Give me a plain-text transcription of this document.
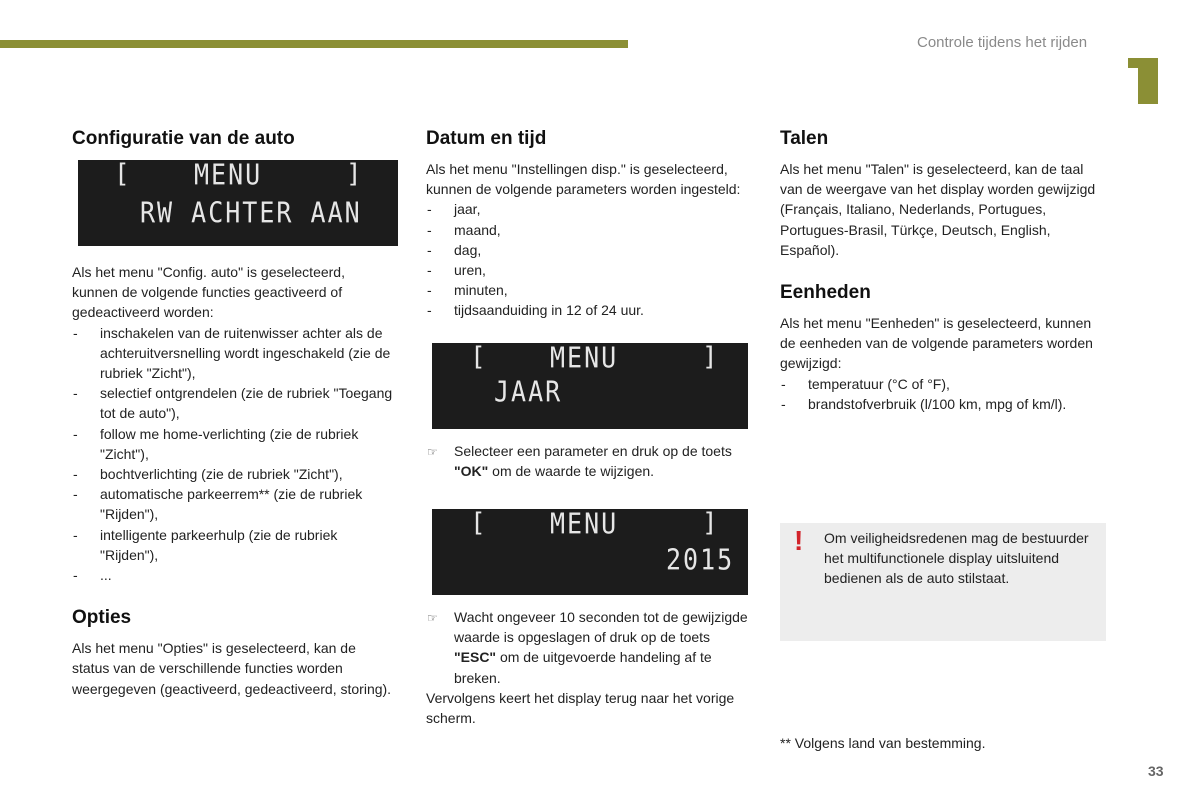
Controle tijdens het rijden
Configuratie van de auto
[	MENU	]
RW ACHTER AAN

Als het menu "Config. auto" is geselecteerd, kunnen de volgende functies geactiveerd of gedeactiveerd worden:

- inschakelen van de ruitenwisser achter als de achteruitversnelling wordt ingeschakeld (zie de rubriek "Zicht"),
- selectief ontgrendelen (zie de rubriek "Toegang tot de auto"),
- follow me home-verlichting (zie de rubriek "Zicht"),
- bochtverlichting (zie de rubriek "Zicht"),
- automatische parkeerrem** (zie de rubriek "Rijden"),
- intelligente parkeerhulp (zie de rubriek "Rijden"),
- ...
Opties

Als het menu "Opties" is geselecteerd, kan de status van de verschillende functies worden weergegeven (geactiveerd, gedeactiveerd, storing).

Datum en tijd

Als het menu "Instellingen disp." is geselecteerd, kunnen de volgende parameters worden ingesteld:

- jaar,
- maand,
- dag,
- uren,
- minuten,
- tijdsaanduiding in 12 of 24 uur.
[	MENU	]
JAAR
☞ Selecteer een parameter en druk op de toets "OK" om de waarde te wijzigen.
[	MENU	]
2015
☞ Wacht ongeveer 10 seconden tot de gewijzigde waarde is opgeslagen of druk op de toets "ESC" om de uitgevoerde handeling af te breken.

Vervolgens keert het display terug naar het vorige scherm.

Talen

Als het menu "Talen" is geselecteerd, kan de taal van de weergave van het display worden gewijzigd (Français, Italiano, Nederlands, Portugues, Portugues-Brasil, Türkçe, Deutsch, English, Español).

Eenheden

Als het menu "Eenheden" is geselecteerd, kunnen de eenheden van de volgende parameters worden gewijzigd:

- temperatuur (°C of °F),
- brandstofverbruik (l/100 km, mpg of km/l).
! Om veiligheidsredenen mag de bestuurder het multifunctionele display uitsluitend bedienen als de auto stilstaat.
** Volgens land van bestemming.
33
